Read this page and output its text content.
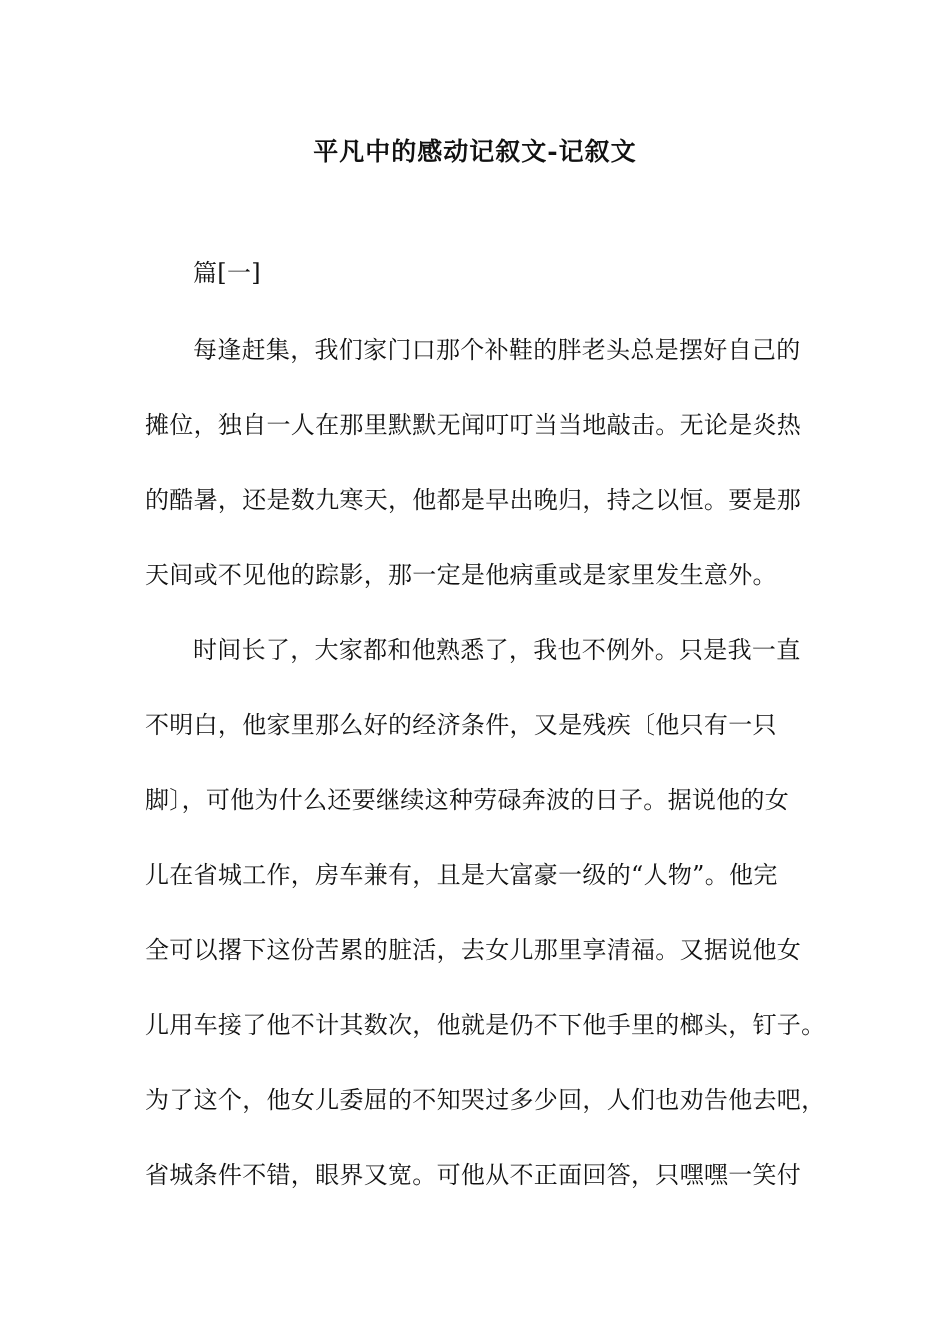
平凡中的感动记叙文-记叙文
篇[一]
每逢赶集，我们家门口那个补鞋的胖老头总是摆好自己的
摊位，独自一人在那里默默无闻叮叮当当地敲击。无论是炎热
的酷暑，还是数九寒天，他都是早出晚归，持之以恒。要是那
天间或不见他的踪影，那一定是他病重或是家里发生意外。
时间长了，大家都和他熟悉了，我也不例外。只是我一直
不明白，他家里那么好的经济条件，又是残疾〔他只有一只
脚〕，可他为什么还要继续这种劳碌奔波的日子。据说他的女
儿在省城工作，房车兼有，且是大富豪一级的“人物”。他完
全可以撂下这份苦累的脏活，去女儿那里享清福。又据说他女
儿用车接了他不计其数次，他就是仍不下他手里的榔头，钉子。
为了这个，他女儿委屈的不知哭过多少回，人们也劝告他去吧，
省城条件不错，眼界又宽。可他从不正面回答，只嘿嘿一笑付
